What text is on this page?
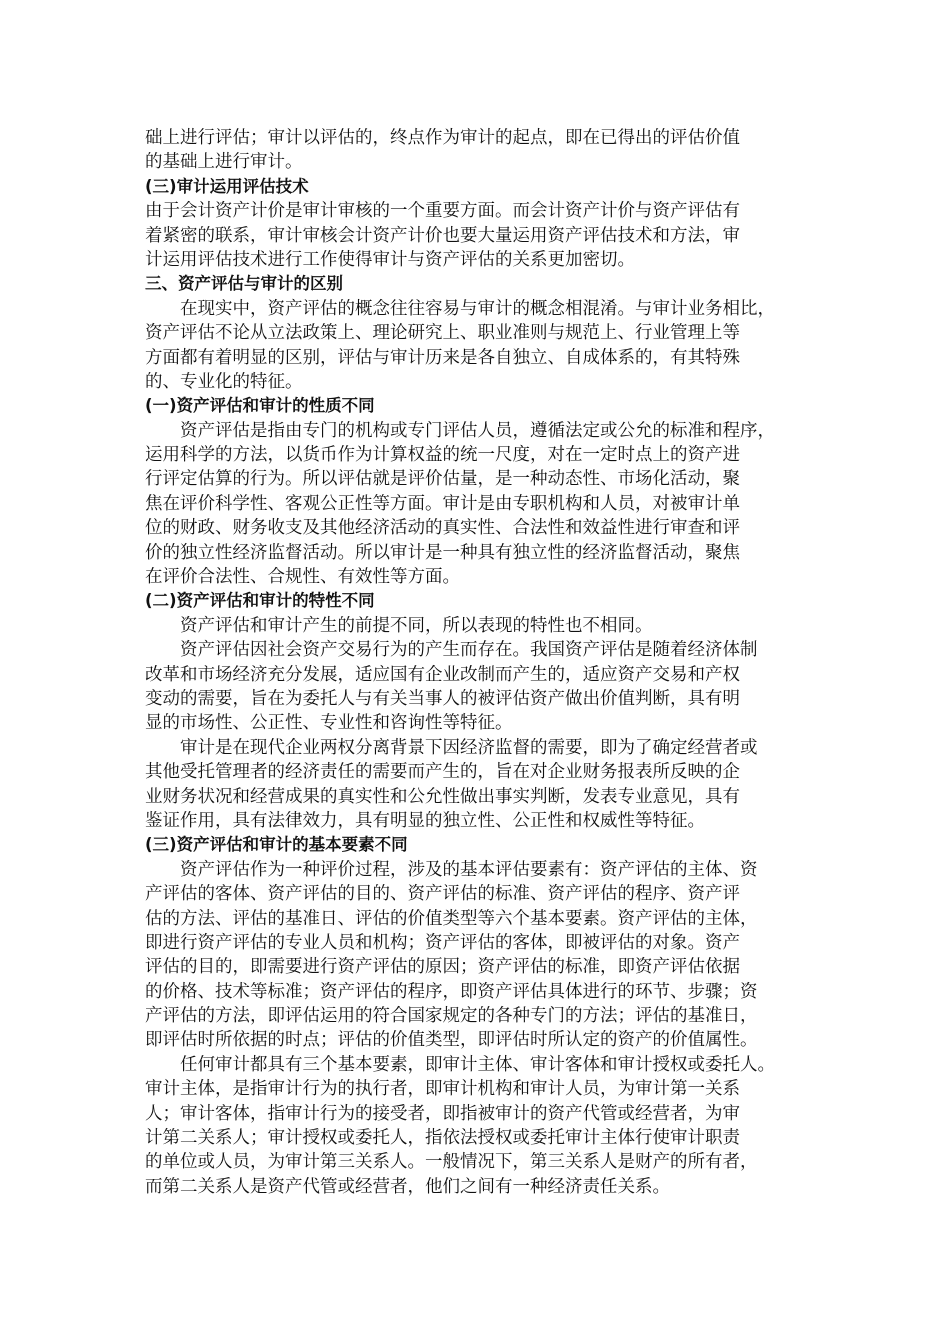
础上进行评估；审计以评估的，终点作为审计的起点，即在已得出的评估价值
的基础上进行审计。
(三)审计运用评估技术
由于会计资产计价是审计审核的一个重要方面。而会计资产计价与资产评估有
着紧密的联系，审计审核会计资产计价也要大量运用资产评估技术和方法，审
计运用评估技术进行工作使得审计与资产评估的关系更加密切。
三、资产评估与审计的区别
　　在现实中，资产评估的概念往往容易与审计的概念相混淆。与审计业务相比，
资产评估不论从立法政策上、理论研究上、职业准则与规范上、行业管理上等
方面都有着明显的区别，评估与审计历来是各自独立、自成体系的，有其特殊
的、专业化的特征。
(一)资产评估和审计的性质不同
　　资产评估是指由专门的机构或专门评估人员，遵循法定或公允的标准和程序，
运用科学的方法，以货币作为计算权益的统一尺度，对在一定时点上的资产进
行评定估算的行为。所以评估就是评价估量，是一种动态性、市场化活动，聚
焦在评价科学性、客观公正性等方面。审计是由专职机构和人员，对被审计单
位的财政、财务收支及其他经济活动的真实性、合法性和效益性进行审查和评
价的独立性经济监督活动。所以审计是一种具有独立性的经济监督活动，聚焦
在评价合法性、合规性、有效性等方面。
(二)资产评估和审计的特性不同
　　资产评估和审计产生的前提不同，所以表现的特性也不相同。
　　资产评估因社会资产交易行为的产生而存在。我国资产评估是随着经济体制
改革和市场经济充分发展，适应国有企业改制而产生的，适应资产交易和产权
变动的需要，旨在为委托人与有关当事人的被评估资产做出价值判断，具有明
显的市场性、公正性、专业性和咨询性等特征。
　　审计是在现代企业两权分离背景下因经济监督的需要，即为了确定经营者或
其他受托管理者的经济责任的需要而产生的，旨在对企业财务报表所反映的企
业财务状况和经营成果的真实性和公允性做出事实判断，发表专业意见，具有
鉴证作用，具有法律效力，具有明显的独立性、公正性和权威性等特征。
(三)资产评估和审计的基本要素不同
　　资产评估作为一种评价过程，涉及的基本评估要素有：资产评估的主体、资
产评估的客体、资产评估的目的、资产评估的标准、资产评估的程序、资产评
估的方法、评估的基准日、评估的价值类型等六个基本要素。资产评估的主体，
即进行资产评估的专业人员和机构；资产评估的客体，即被评估的对象。资产
评估的目的，即需要进行资产评估的原因；资产评估的标准，即资产评估依据
的价格、技术等标准；资产评估的程序，即资产评估具体进行的环节、步骤；资
产评估的方法，即评估运用的符合国家规定的各种专门的方法；评估的基准日，
即评估时所依据的时点；评估的价值类型，即评估时所认定的资产的价值属性。
　　任何审计都具有三个基本要素，即审计主体、审计客体和审计授权或委托人。
审计主体，是指审计行为的执行者，即审计机构和审计人员，为审计第一关系
人；审计客体，指审计行为的接受者，即指被审计的资产代管或经营者，为审
计第二关系人；审计授权或委托人，指依法授权或委托审计主体行使审计职责
的单位或人员，为审计第三关系人。一般情况下，第三关系人是财产的所有者，
而第二关系人是资产代管或经营者，他们之间有一种经济责任关系。
